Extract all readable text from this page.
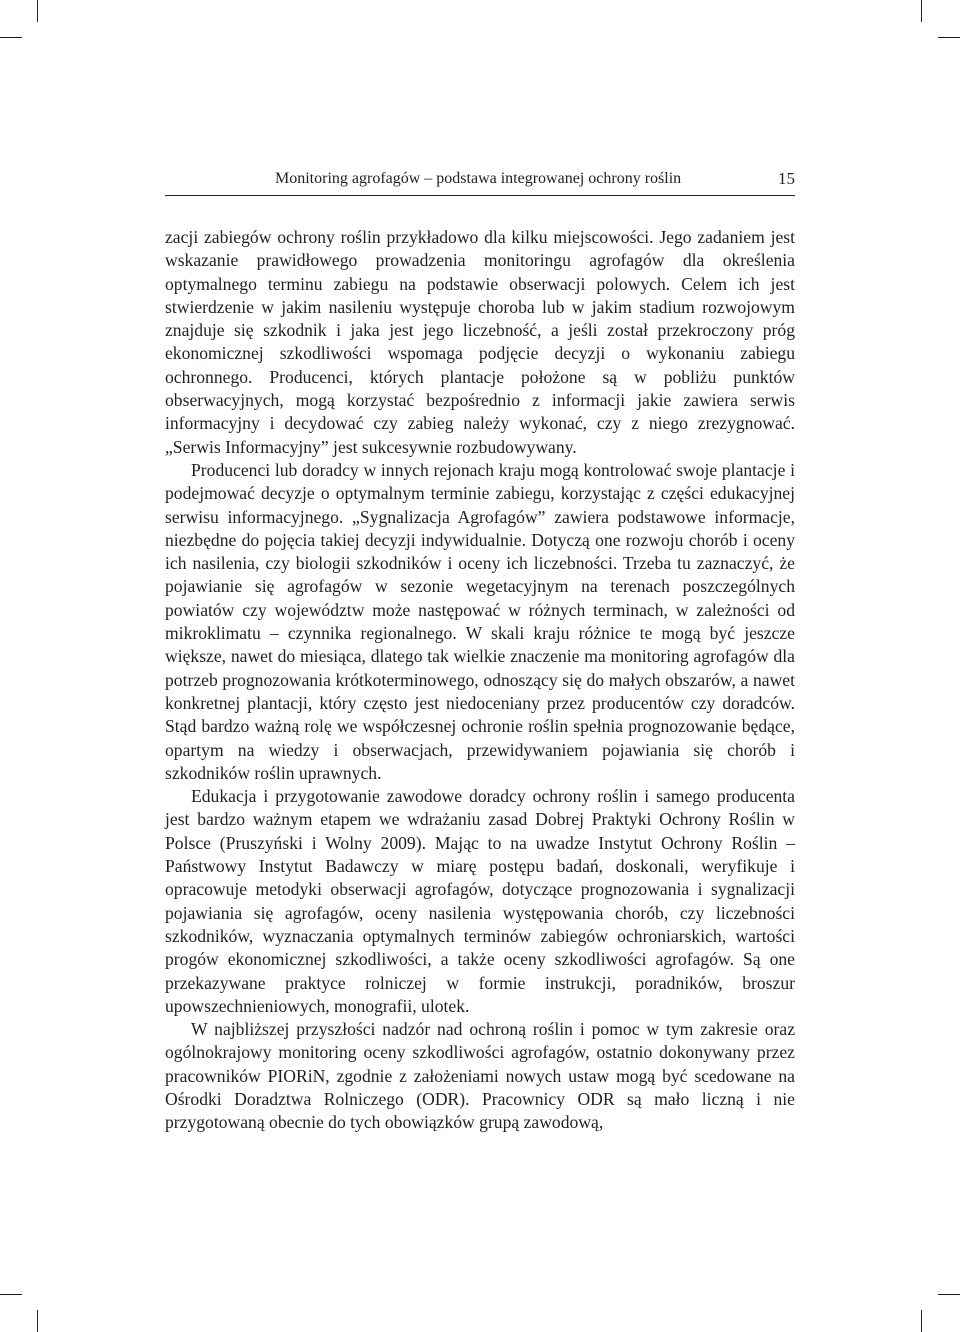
Monitoring agrofagów – podstawa integrowanej ochrony roślin	15

zacji zabiegów ochrony roślin przykładowo dla kilku miejscowości. Jego zadaniem jest wskazanie prawidłowego prowadzenia monitoringu agrofagów dla określenia optymalnego terminu zabiegu na podstawie obserwacji polowych. Celem ich jest stwierdzenie w jakim nasileniu występuje choroba lub w jakim stadium rozwojowym znajduje się szkodnik i jaka jest jego liczebność, a jeśli został przekroczony próg ekonomicznej szkodliwości wspomaga podjęcie decyzji o wykonaniu zabiegu ochronnego. Producenci, których plantacje położone są w pobliżu punktów obserwacyjnych, mogą korzystać bezpośrednio z informacji jakie zawiera serwis informacyjny i decydować czy zabieg należy wykonać, czy z niego zrezygnować. „Serwis Informacyjny” jest sukcesywnie rozbudowywany.

Producenci lub doradcy w innych rejonach kraju mogą kontrolować swoje plantacje i podejmować decyzje o optymalnym terminie zabiegu, korzystając z części edukacyjnej serwisu informacyjnego. „Sygnalizacja Agrofagów” zawiera podstawowe informacje, niezbędne do pojęcia takiej decyzji indywidualnie. Dotyczą one rozwoju chorób i oceny ich nasilenia, czy biologii szkodników i oceny ich liczebności. Trzeba tu zaznaczyć, że pojawianie się agrofagów w sezonie wegetacyjnym na terenach poszczególnych powiatów czy województw może następować w różnych terminach, w zależności od mikroklimatu – czynnika regionalnego. W skali kraju różnice te mogą być jeszcze większe, nawet do miesiąca, dlatego tak wielkie znaczenie ma monitoring agrofagów dla potrzeb prognozowania krótkoterminowego, odnoszący się do małych obszarów, a nawet konkretnej plantacji, który często jest niedoceniany przez producentów czy doradców. Stąd bardzo ważną rolę we współczesnej ochronie roślin spełnia prognozowanie będące, opartym na wiedzy i obserwacjach, przewidywaniem pojawiania się chorób i szkodników roślin uprawnych.

Edukacja i przygotowanie zawodowe doradcy ochrony roślin i samego producenta jest bardzo ważnym etapem we wdrażaniu zasad Dobrej Praktyki Ochrony Roślin w Polsce (Pruszyński i Wolny 2009). Mając to na uwadze Instytut Ochrony Roślin – Państwowy Instytut Badawczy w miarę postępu badań, doskonali, weryfikuje i opracowuje metodyki obserwacji agrofagów, dotyczące prognozowania i sygnalizacji pojawiania się agrofagów, oceny nasilenia występowania chorób, czy liczebności szkodników, wyznaczania optymalnych terminów zabiegów ochroniarskich, wartości progów ekonomicznej szkodliwości, a także oceny szkodliwości agrofagów. Są one przekazywane praktyce rolniczej w formie instrukcji, poradników, broszur upowszechnieniowych, monografii, ulotek.

W najbliższej przyszłości nadzór nad ochroną roślin i pomoc w tym zakresie oraz ogólnokrajowy monitoring oceny szkodliwości agrofagów, ostatnio dokonywany przez pracowników PIORiN, zgodnie z założeniami nowych ustaw mogą być scedowane na Ośrodki Doradztwa Rolniczego (ODR). Pracownicy ODR są mało liczną i nie przygotowaną obecnie do tych obowiązków grupą zawodową,
